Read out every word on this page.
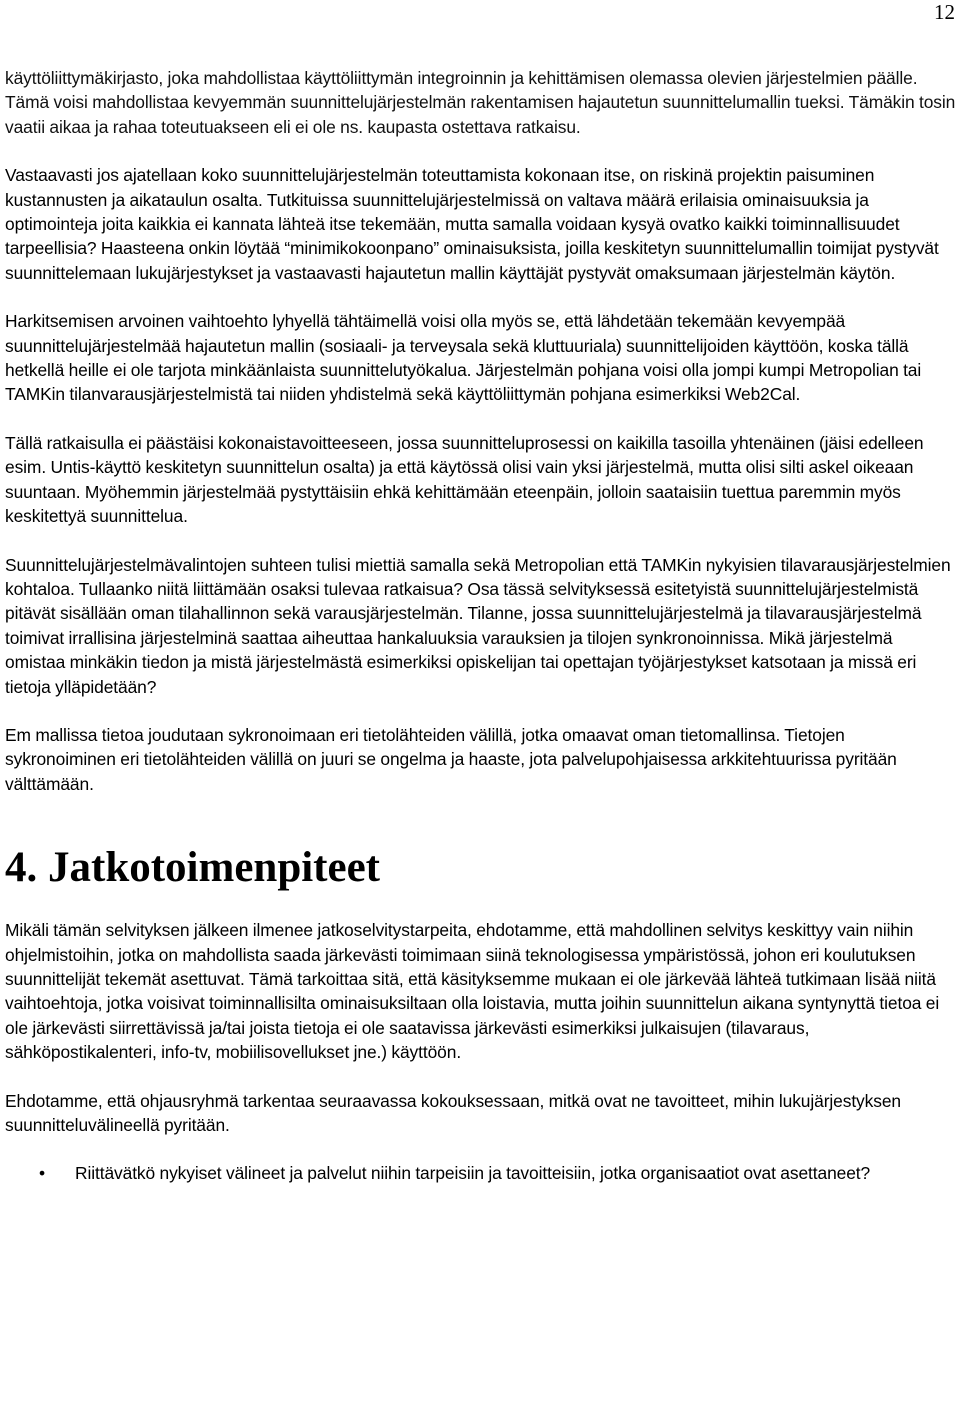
12

käyttöliittymäkirjasto, joka mahdollistaa käyttöliittymän integroinnin ja kehittämisen olemassa olevien järjestelmien päälle. Tämä voisi mahdollistaa kevyemmän suunnittelujärjestelmän rakentamisen hajautetun suunnittelumallin tueksi. Tämäkin tosin vaatii aikaa ja rahaa toteutuakseen eli ei ole ns. kaupasta ostettava ratkaisu.

Vastaavasti jos ajatellaan koko suunnittelujärjestelmän toteuttamista kokonaan itse, on riskinä projektin paisuminen kustannusten ja aikataulun osalta. Tutkituissa suunnittelujärjestelmissä on valtava määrä erilaisia ominaisuuksia ja optimointeja joita kaikkia ei kannata lähteä itse tekemään, mutta samalla voidaan kysyä ovatko kaikki toiminnallisuudet tarpeellisia? Haasteena onkin löytää “minimikokoonpano” ominaisuksista, joilla keskitetyn suunnittelumallin toimijat pystyvät suunnittelemaan lukujärjestykset ja vastaavasti hajautetun mallin käyttäjät pystyvät omaksumaan järjestelmän käytön.

Harkitsemisen arvoinen vaihtoehto lyhyellä tähtäimellä voisi olla myös se, että lähdetään tekemään kevyempää suunnittelujärjestelmää hajautetun mallin (sosiaali- ja terveysala sekä kluttuuriala) suunnittelijoiden käyttöön, koska tällä hetkellä heille ei ole tarjota minkäänlaista suunnittelutyökalua. Järjestelmän pohjana voisi olla jompi kumpi Metropolian tai TAMKin tilanvarausjärjestelmistä tai niiden yhdistelmä sekä käyttöliittymän pohjana esimerkiksi Web2Cal.

Tällä ratkaisulla ei päästäisi kokonaistavoitteeseen, jossa suunnitteluprosessi on kaikilla tasoilla yhtenäinen (jäisi edelleen esim. Untis-käyttö keskitetyn suunnittelun osalta) ja että käytössä olisi vain yksi järjestelmä, mutta olisi silti askel oikeaan suuntaan. Myöhemmin järjestelmää pystyttäisiin ehkä kehittämään eteenpäin, jolloin saataisiin tuettua paremmin myös keskitettyä suunnittelua.

Suunnittelujärjestelmävalintojen suhteen tulisi miettiä samalla sekä Metropolian että TAMKin nykyisien tilavarausjärjestelmien kohtaloa. Tullaanko niitä liittämään osaksi tulevaa ratkaisua? Osa tässä selvityksessä esitetyistä suunnittelujärjestelmistä pitävät sisällään oman tilahallinnon sekä varausjärjestelmän. Tilanne, jossa suunnittelujärjestelmä ja tilavarausjärjestelmä toimivat irrallisina järjestelminä saattaa aiheuttaa hankaluuksia varauksien ja tilojen synkronoinnissa. Mikä järjestelmä omistaa minkäkin tiedon ja mistä järjestelmästä esimerkiksi opiskelijan tai opettajan työjärjestykset katsotaan ja missä eri tietoja ylläpidetään?

Em mallissa tietoa joudutaan sykronoimaan eri tietolähteiden välillä, jotka omaavat oman tietomallinsa. Tietojen sykronoiminen eri tietolähteiden välillä on juuri se ongelma ja haaste, jota palvelupohjaisessa arkkitehtuurissa pyritään välttämään.

4. Jatkotoimenpiteet

Mikäli tämän selvityksen jälkeen ilmenee jatkoselvitystarpeita, ehdotamme, että mahdollinen selvitys keskittyy vain niihin ohjelmistoihin, jotka on mahdollista saada järkevästi toimimaan siinä teknologisessa ympäristössä, johon eri koulutuksen suunnittelijät tekemät asettuvat. Tämä tarkoittaa sitä, että käsityksemme mukaan ei ole järkevää lähteä tutkimaan lisää niitä vaihtoehtoja, jotka voisivat toiminnallisilta ominaisuksiltaan olla loistavia, mutta joihin suunnittelun aikana syntynyttä tietoa ei ole järkevästi siirrettävissä ja/tai joista tietoja ei ole saatavissa järkevästi esimerkiksi julkaisujen (tilavaraus, sähköpostikalenteri, info-tv, mobiilisovellukset jne.) käyttöön.

Ehdotamme, että ohjausryhmä tarkentaa seuraavassa kokouksessaan, mitkä ovat ne tavoitteet, mihin lukujärjestyksen suunnitteluvälineellä pyritään.

• Riittävätkö nykyiset välineet ja palvelut niihin tarpeisiin ja tavoitteisiin, jotka organisaatiot ovat asettaneet?
